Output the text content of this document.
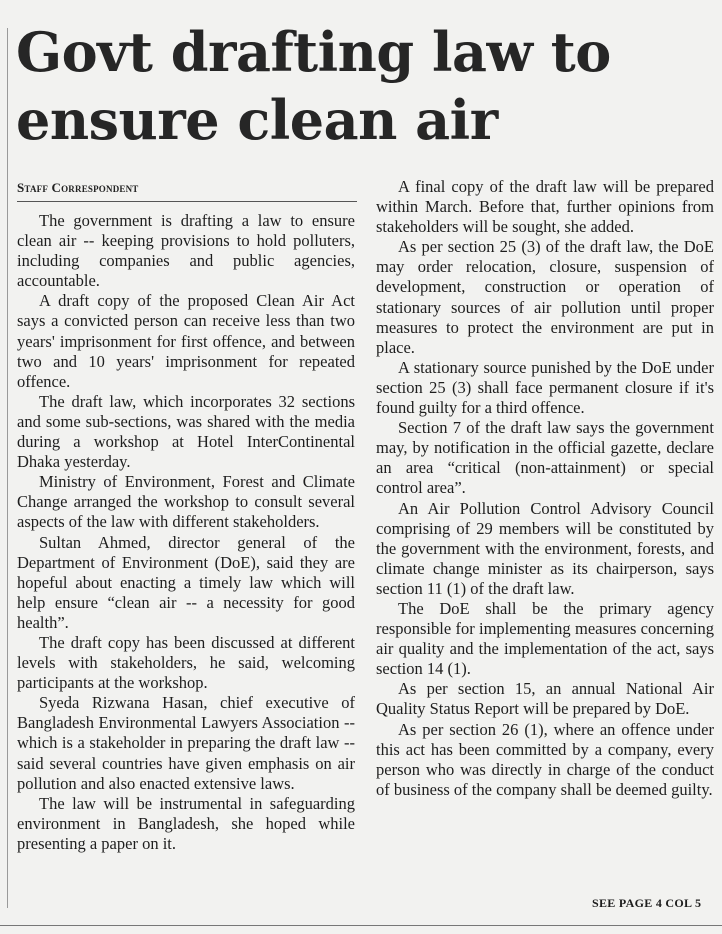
Govt drafting law to ensure clean air
Staff Correspondent

The government is drafting a law to ensure clean air -- keeping provisions to hold polluters, including companies and public agencies, accountable.

A draft copy of the proposed Clean Air Act says a convicted person can receive less than two years' imprisonment for first offence, and between two and 10 years' imprisonment for repeated offence.

The draft law, which incorporates 32 sections and some sub-sections, was shared with the media during a workshop at Hotel InterContinental Dhaka yesterday.

Ministry of Environment, Forest and Climate Change arranged the workshop to consult several aspects of the law with different stakeholders.

Sultan Ahmed, director general of the Department of Environment (DoE), said they are hopeful about enacting a timely law which will help ensure “clean air -- a necessity for good health”.

The draft copy has been discussed at different levels with stakeholders, he said, welcoming participants at the workshop.

Syeda Rizwana Hasan, chief executive of Bangladesh Environmental Lawyers Association -- which is a stakeholder in preparing the draft law -- said several countries have given emphasis on air pollution and also enacted extensive laws.

The law will be instrumental in safeguarding environment in Bangladesh, she hoped while presenting a paper on it.

A final copy of the draft law will be prepared within March. Before that, further opinions from stakeholders will be sought, she added.

As per section 25 (3) of the draft law, the DoE may order relocation, closure, suspension of development, construction or operation of stationary sources of air pollution until proper measures to protect the environment are put in place.

A stationary source punished by the DoE under section 25 (3) shall face permanent closure if it's found guilty for a third offence.

Section 7 of the draft law says the government may, by notification in the official gazette, declare an area “critical (non-attainment) or special control area”.

An Air Pollution Control Advisory Council comprising of 29 members will be constituted by the government with the environment, forests, and climate change minister as its chairperson, says section 11 (1) of the draft law.

The DoE shall be the primary agency responsible for implementing measures concerning air quality and the implementation of the act, says section 14 (1).

As per section 15, an annual National Air Quality Status Report will be prepared by DoE.

As per section 26 (1), where an offence under this act has been committed by a company, every person who was directly in charge of the conduct of business of the company shall be deemed guilty.

SEE PAGE 4 COL 5
